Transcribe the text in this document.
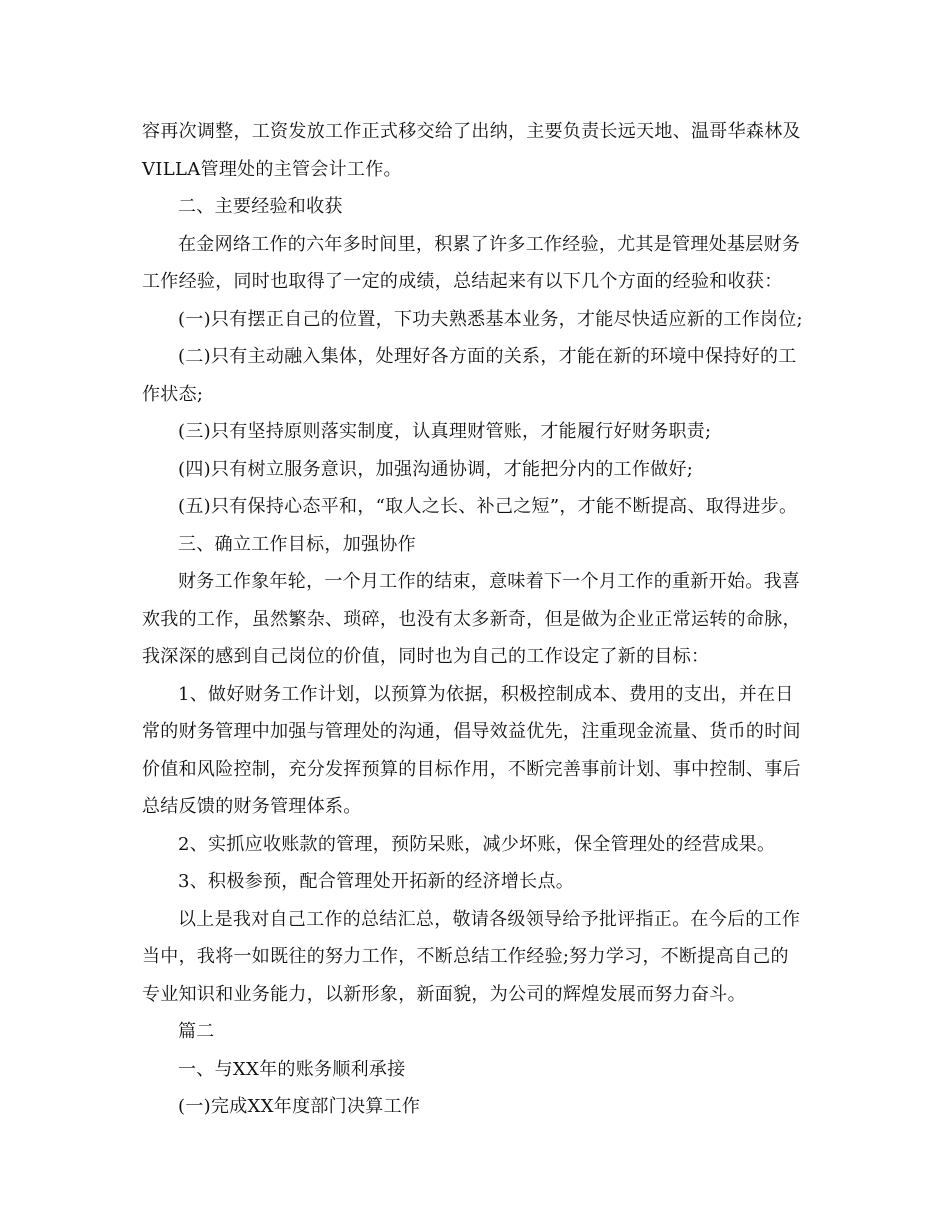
容再次调整，工资发放工作正式移交给了出纳，主要负责长远天地、温哥华森林及
VILLA管理处的主管会计工作。
二、主要经验和收获
在金网络工作的六年多时间里，积累了许多工作经验，尤其是管理处基层财务
工作经验，同时也取得了一定的成绩，总结起来有以下几个方面的经验和收获：
(一)只有摆正自己的位置，下功夫熟悉基本业务，才能尽快适应新的工作岗位;
(二)只有主动融入集体，处理好各方面的关系，才能在新的环境中保持好的工
作状态;
(三)只有坚持原则落实制度，认真理财管账，才能履行好财务职责;
(四)只有树立服务意识，加强沟通协调，才能把分内的工作做好;
(五)只有保持心态平和，“取人之长、补己之短”，才能不断提高、取得进步。
三、确立工作目标，加强协作
财务工作象年轮，一个月工作的结束，意味着下一个月工作的重新开始。我喜
欢我的工作，虽然繁杂、琐碎，也没有太多新奇，但是做为企业正常运转的命脉，
我深深的感到自己岗位的价值，同时也为自己的工作设定了新的目标：
1、做好财务工作计划，以预算为依据，积极控制成本、费用的支出，并在日
常的财务管理中加强与管理处的沟通，倡导效益优先，注重现金流量、货币的时间
价值和风险控制，充分发挥预算的目标作用，不断完善事前计划、事中控制、事后
总结反馈的财务管理体系。
2、实抓应收账款的管理，预防呆账，减少坏账，保全管理处的经营成果。
3、积极参预，配合管理处开拓新的经济增长点。
以上是我对自己工作的总结汇总，敬请各级领导给予批评指正。在今后的工作
当中，我将一如既往的努力工作，不断总结工作经验;努力学习，不断提高自己的
专业知识和业务能力，以新形象，新面貌，为公司的辉煌发展而努力奋斗。
篇二
一、与XX年的账务顺利承接
(一)完成XX年度部门决算工作
